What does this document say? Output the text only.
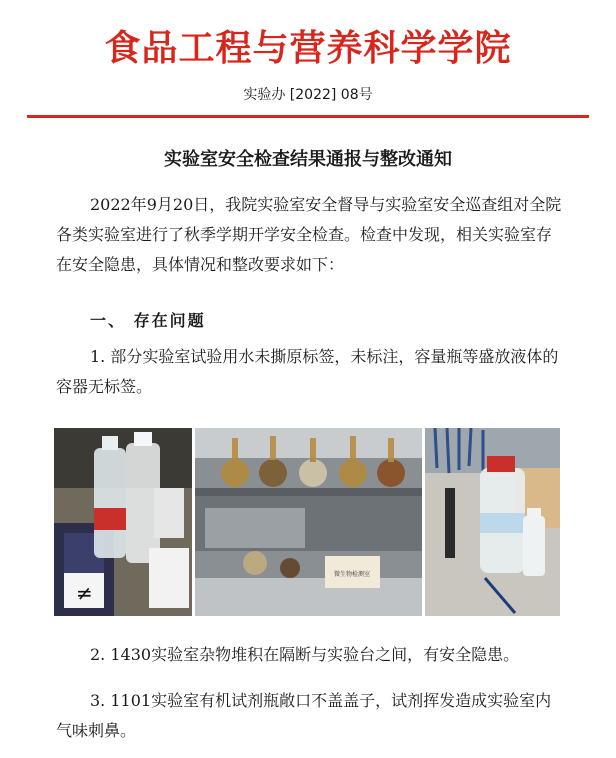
食品工程与营养科学学院
实验办 [2022] 08号
实验室安全检查结果通报与整改通知

2022年9月20日，我院实验室安全督导与实验室安全巡查组对全院各类实验室进行了秋季学期开学安全检查。检查中发现，相关实验室存在安全隐患，具体情况和整改要求如下：

一、 存在问题

1. 部分实验室试验用水未撕原标签，未标注，容量瓶等盛放液体的容器无标签。

≠
微生物检测室

2. 1430实验室杂物堆积在隔断与实验台之间，有安全隐患。

3. 1101实验室有机试剂瓶敞口不盖盖子，试剂挥发造成实验室内气味刺鼻。
